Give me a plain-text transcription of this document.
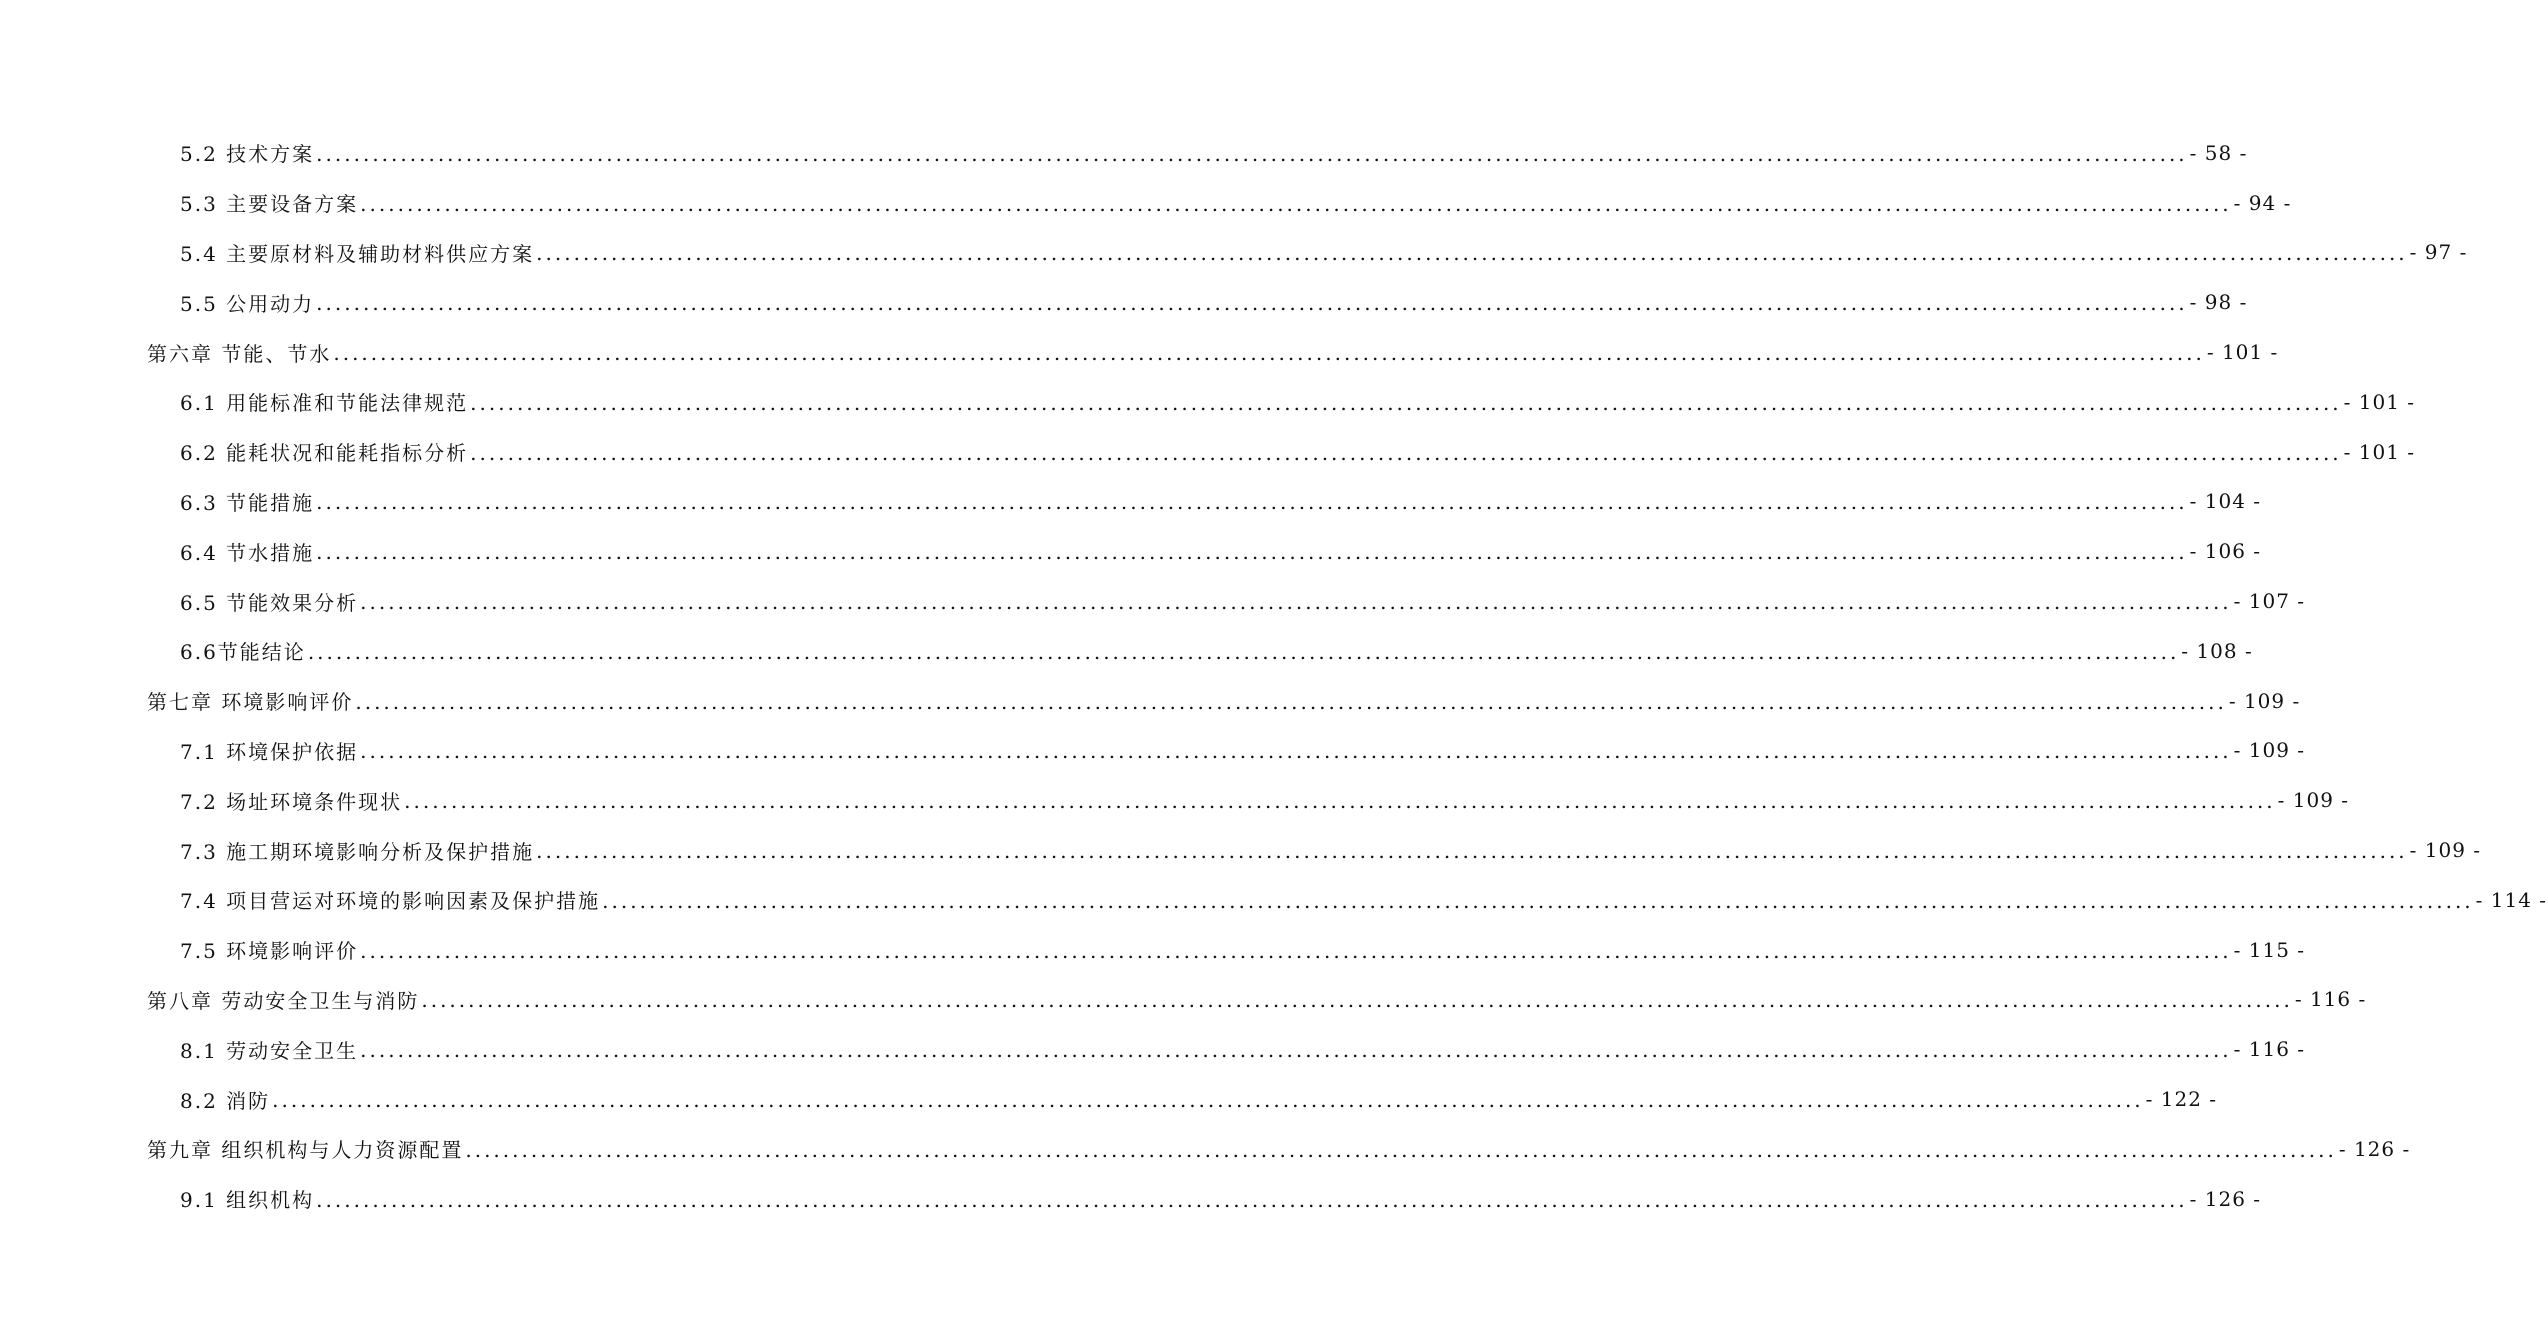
5.2 技术方案 ........................................................................................................................................................................................................ - 58 -
5.3 主要设备方案 ........................................................................................................................................................................................................ - 94 -
5.4 主要原材料及辅助材料供应方案 ........................................................................................................................................................................................................ - 97 -
5.5 公用动力 ........................................................................................................................................................................................................ - 98 -
第六章 节能、节水 ........................................................................................................................................................................................................ - 101 -
6.1 用能标准和节能法律规范 ........................................................................................................................................................................................................ - 101 -
6.2 能耗状况和能耗指标分析 ........................................................................................................................................................................................................ - 101 -
6.3 节能措施 ........................................................................................................................................................................................................ - 104 -
6.4 节水措施 ........................................................................................................................................................................................................ - 106 -
6.5 节能效果分析 ........................................................................................................................................................................................................ - 107 -
6.6节能结论 ........................................................................................................................................................................................................ - 108 -
第七章 环境影响评价 ........................................................................................................................................................................................................ - 109 -
7.1 环境保护依据 ........................................................................................................................................................................................................ - 109 -
7.2 场址环境条件现状 ........................................................................................................................................................................................................ - 109 -
7.3 施工期环境影响分析及保护措施 ........................................................................................................................................................................................................ - 109 -
7.4 项目营运对环境的影响因素及保护措施 ........................................................................................................................................................................................................ - 114 -
7.5 环境影响评价 ........................................................................................................................................................................................................ - 115 -
第八章 劳动安全卫生与消防 ........................................................................................................................................................................................................ - 116 -
8.1 劳动安全卫生 ........................................................................................................................................................................................................ - 116 -
8.2 消防 ........................................................................................................................................................................................................ - 122 -
第九章 组织机构与人力资源配置 ........................................................................................................................................................................................................ - 126 -
9.1 组织机构 ........................................................................................................................................................................................................ - 126 -
